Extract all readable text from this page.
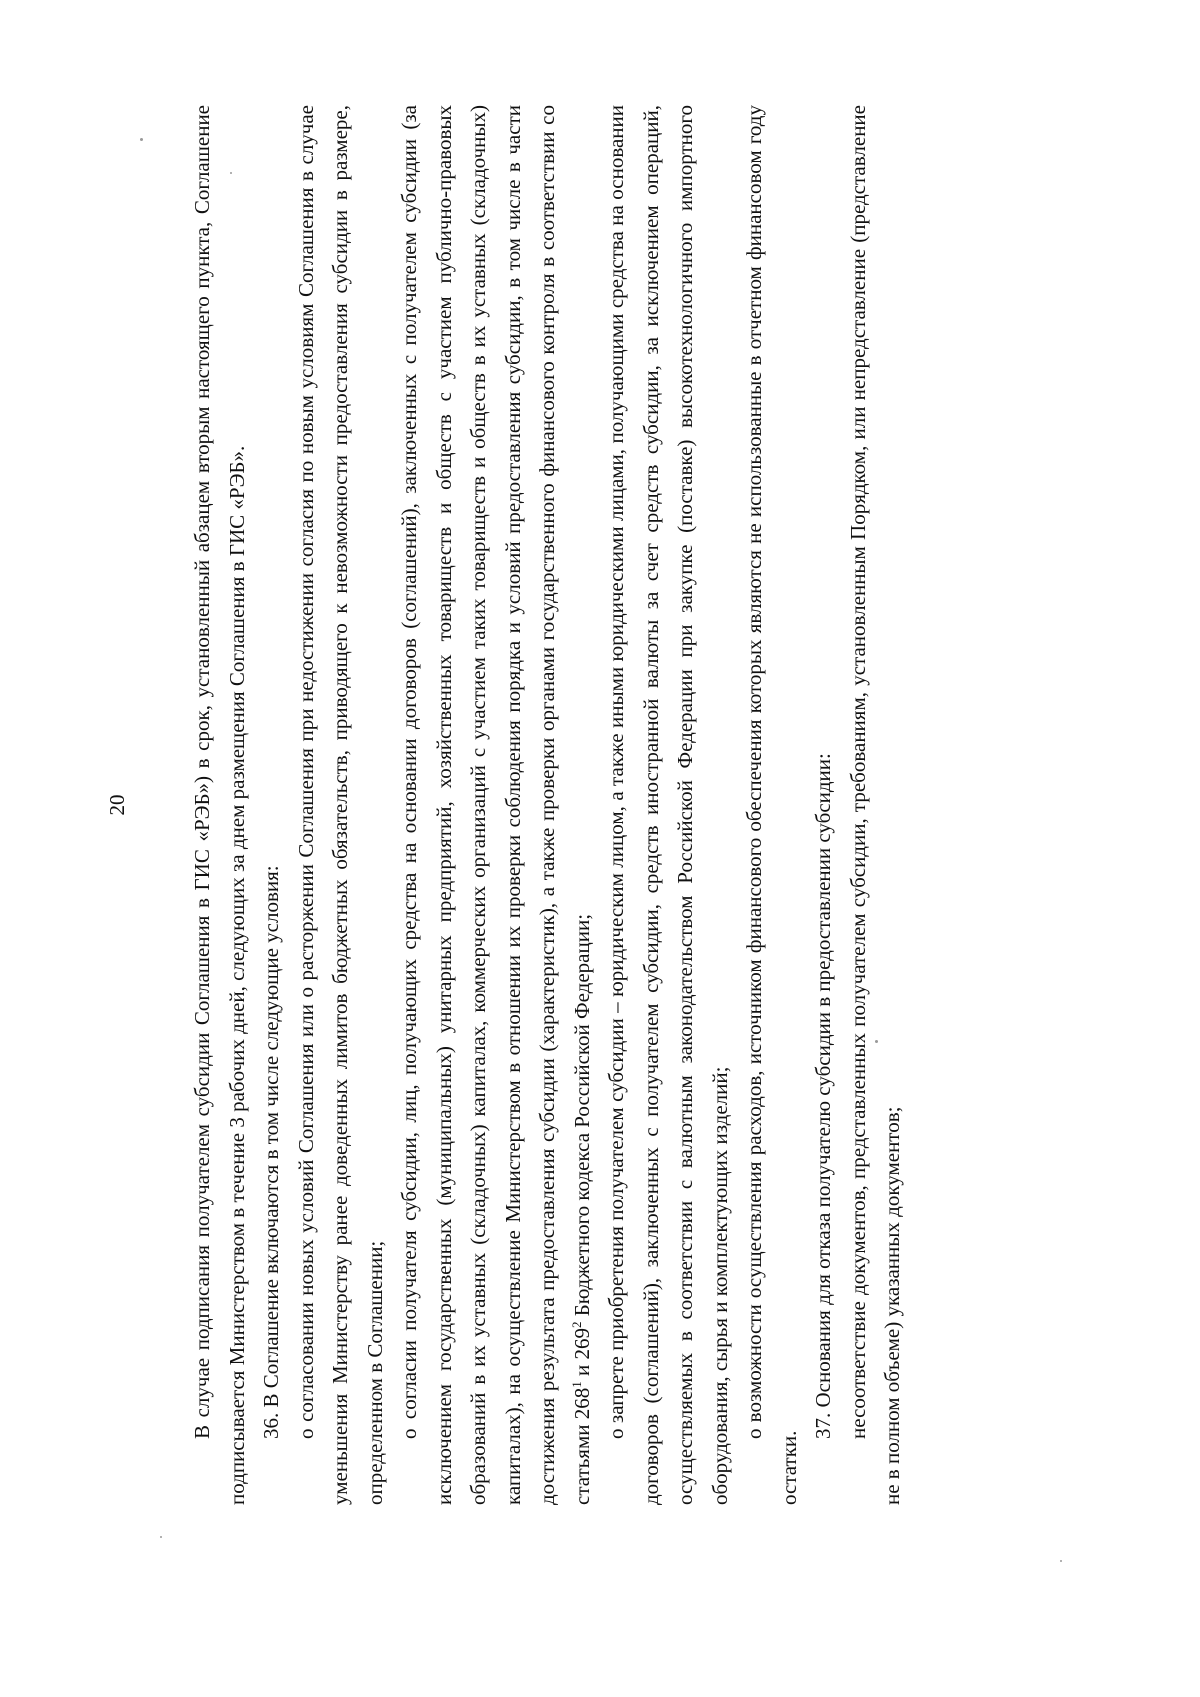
20	В случае подписания получателем субсидии Соглашения в ГИС «РЭБ») в срок, установленный абзацем вторым настоящего пункта, Соглашение подписывается Министерством в течение 3 рабочих дней, следующих за днем размещения Соглашения в ГИС «РЭБ». 36. В Соглашение включаются в том числе следующие условия: о согласовании новых условий Соглашения или о расторжении Соглашения при недостижении согласия по новым условиям Соглашения в случае уменьшения Министерству ранее доведенных лимитов бюджетных обязательств, приводящего к невозможности предоставления субсидии в размере, определенном в Соглашении; о согласии получателя субсидии, лиц, получающих средства на основании договоров (соглашений), заключенных с получателем субсидии (за исключением государственных (муниципальных) унитарных предприятий, хозяйственных товариществ и обществ с участием публично-правовых образований в их уставных (складочных) капиталах, коммерческих организаций с участием таких товариществ и обществ в их уставных (складочных) капиталах), на осуществление Министерством в отношении их проверки соблюдения порядка и условий предоставления субсидии, в том числе в части достижения результата предоставления субсидии (характеристик), а также проверки органами государственного финансового контроля в соответствии со статьями $268^1$ и $269^2$ Бюджетного кодекса Российской Федерации; о запрете приобретения получателем субсидии – юридическим лицом, а также иными юридическими лицами, получающими средства на основании договоров (соглашений), заключенных с получателем субсидии, средств иностранной валюты за счет средств субсидии, за исключением операций, осуществляемых в соответствии с валютным законодательством Российской Федерации при закупке (поставке) высокотехнологичного импортного оборудования, сырья и комплектующих изделий; о возможности осуществления расходов, источником финансового обеспечения которых являются не использованные в отчетном финансовом году остатки.

37. Основания для отказа получателю субсидии в предоставлении субсидии: несоответствие документов, представленных получателем субсидии, требованиям, установленным Порядком, или непредставление (представление не в полном объеме) указанных документов;
